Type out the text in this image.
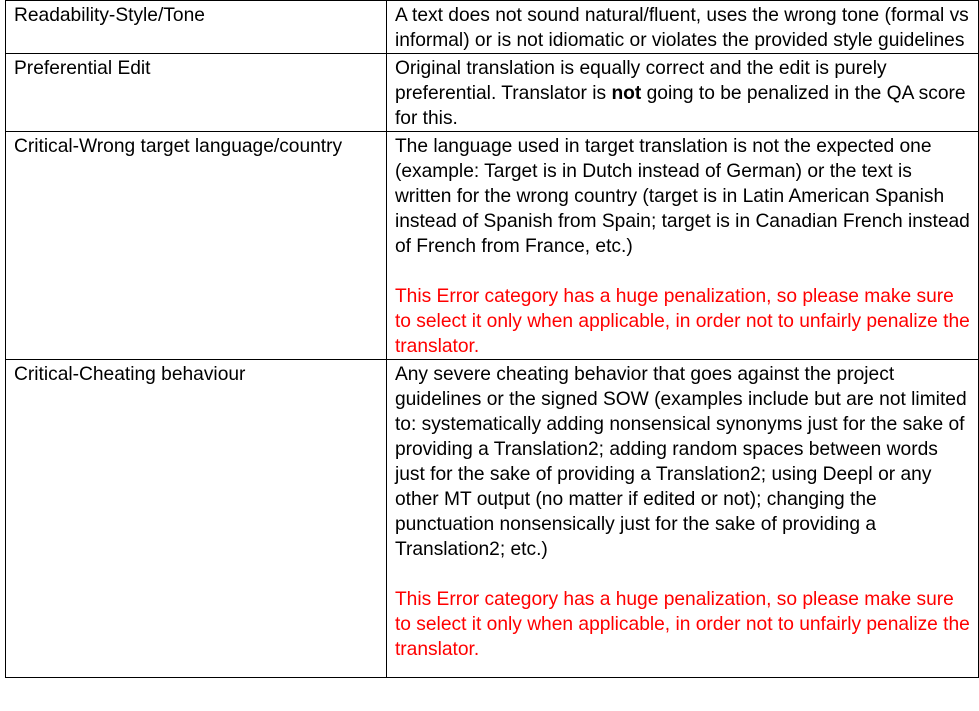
Readability-Style/Tone	A text does not sound natural/fluent, uses the wrong tone (formal vs informal) or is not idiomatic or violates the provided style guidelines
Preferential Edit	Original translation is equally correct and the edit is purely preferential. Translator is not going to be penalized in the QA score for this.
Critical-Wrong target language/country	The language used in target translation is not the expected one (example: Target is in Dutch instead of German) or the text is written for the wrong country (target is in Latin American Spanish instead of Spanish from Spain; target is in Canadian French instead of French from France, etc.)
This Error category has a huge penalization, so please make sure to select it only when applicable, in order not to unfairly penalize the translator.

Critical-Cheating behaviour	Any severe cheating behavior that goes against the project guidelines or the signed SOW (examples include but are not limited to: systematically adding nonsensical synonyms just for the sake of providing a Translation2; adding random spaces between words just for the sake of providing a Translation2; using Deepl or any other MT output (no matter if edited or not); changing the punctuation nonsensically just for the sake of providing a Translation2; etc.)
This Error category has a huge penalization, so please make sure to select it only when applicable, in order not to unfairly penalize the translator.
